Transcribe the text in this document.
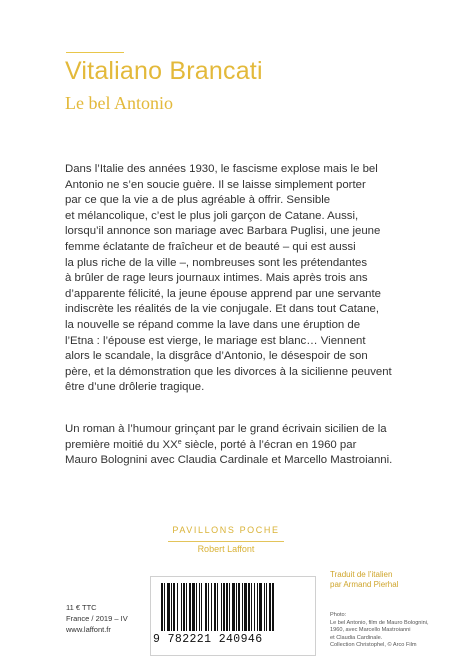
Vitaliano Brancati
Le bel Antonio
Dans l’Italie des années 1930, le fascisme explose mais le bel
Antonio ne s’en soucie guère. Il se laisse simplement porter
par ce que la vie a de plus agréable à offrir. Sensible
et mélancolique, c’est le plus joli garçon de Catane. Aussi,
lorsqu’il annonce son mariage avec Barbara Puglisi, une jeune
femme éclatante de fraîcheur et de beauté – qui est aussi
la plus riche de la ville –, nombreuses sont les prétendantes
à brûler de rage leurs journaux intimes. Mais après trois ans
d’apparente félicité, la jeune épouse apprend par une servante
indiscrète les réalités de la vie conjugale. Et dans tout Catane,
la nouvelle se répand comme la lave dans une éruption de
l’Etna : l’épouse est vierge, le mariage est blanc… Viennent
alors le scandale, la disgrâce d’Antonio, le désespoir de son
père, et la démonstration que les divorces à la sicilienne peuvent
être d’une drôlerie tragique.
Un roman à l’humour grinçant par le grand écrivain sicilien de la
première moitié du XXe siècle, porté à l’écran en 1960 par
Mauro Bolognini avec Claudia Cardinale et Marcello Mastroianni.
PAVILLONS POCHE
Robert Laffont
Traduit de l’italien
par Armand Pierhal
11 € TTC
France / 2019 – IV
www.laffont.fr
9 782221 240946
Photo:
Le bel Antonio, film de Mauro Bolognini,
1960, avec Marcello Mastroianni
et Claudia Cardinale.
Collection Christophel, © Arco Film
